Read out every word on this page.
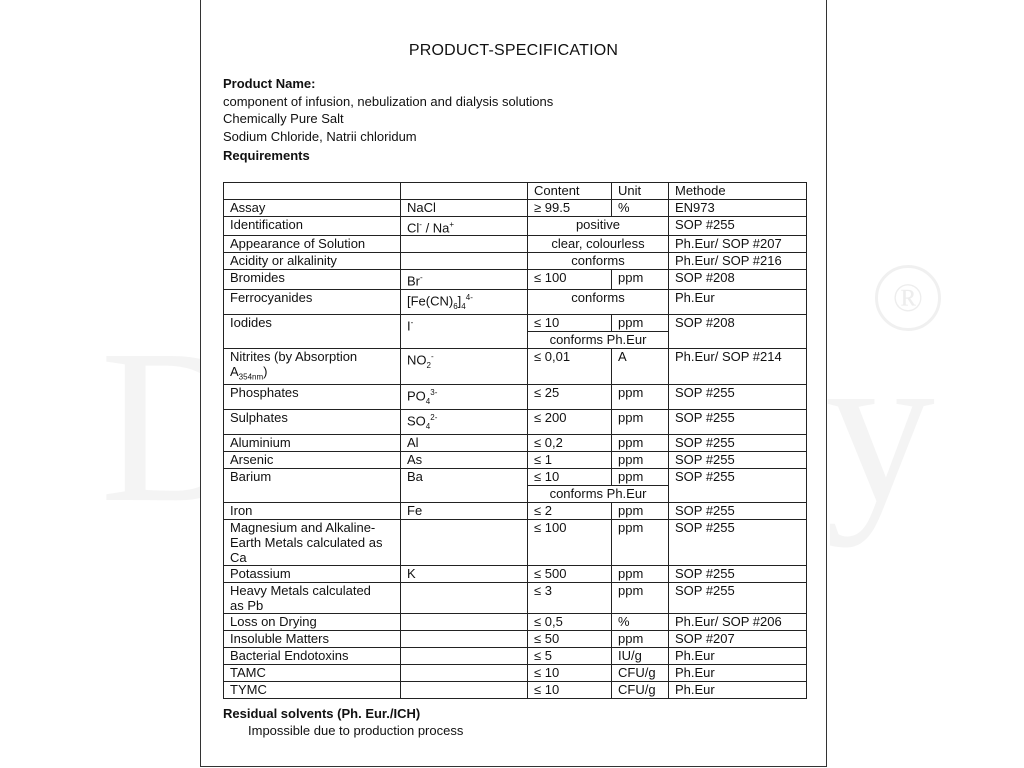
®
PRODUCT-SPECIFICATION
Product Name:
component of infusion, nebulization and dialysis solutions
Chemically Pure Salt
Sodium Chloride, Natrii chloridum
Requirements
		Content	Unit	Methode
Assay	NaCl	≥ 99.5	%	EN973
Identification	Cl- / Na+	positive		SOP #255
Appearance of Solution		clear, colourless		Ph.Eur/ SOP #207
Acidity or alkalinity		conforms		Ph.Eur/ SOP #216
Bromides	Br-	≤ 100	ppm	SOP #208
Ferrocyanides	$[Fe(CN)_6]_4^{4-}$	conforms		Ph.Eur
Iodides	I-	≤ 10	ppm	SOP #208
		conforms Ph.Eur		
Nitrites (by Absorption
$A_{354nm}$)	$NO_2^-$	≤ 0,01	A	Ph.Eur/ SOP #214
Phosphates	$PO_4^{3-}$	≤ 25	ppm	SOP #255
Sulphates	$SO_4^{2-}$	≤ 200	ppm	SOP #255
Aluminium	Al	≤ 0,2	ppm	SOP #255
Arsenic	As	≤ 1	ppm	SOP #255
Barium	Ba	≤ 10	ppm	SOP #255
		conforms Ph.Eur		
Iron	Fe	≤ 2	ppm	SOP #255
Magnesium and Alkaline-
Earth Metals calculated as
Ca		≤ 100	ppm	SOP #255
Potassium	K	≤ 500	ppm	SOP #255
Heavy Metals calculated
as Pb		≤ 3	ppm	SOP #255
Loss on Drying		≤ 0,5	%	Ph.Eur/ SOP #206
Insoluble Matters		≤ 50	ppm	SOP #207
Bacterial Endotoxins		≤ 5	IU/g	Ph.Eur
TAMC		≤ 10	CFU/g	Ph.Eur
TYMC		≤ 10	CFU/g	Ph.Eur
Residual solvents (Ph. Eur./ICH)
Impossible due to production process
